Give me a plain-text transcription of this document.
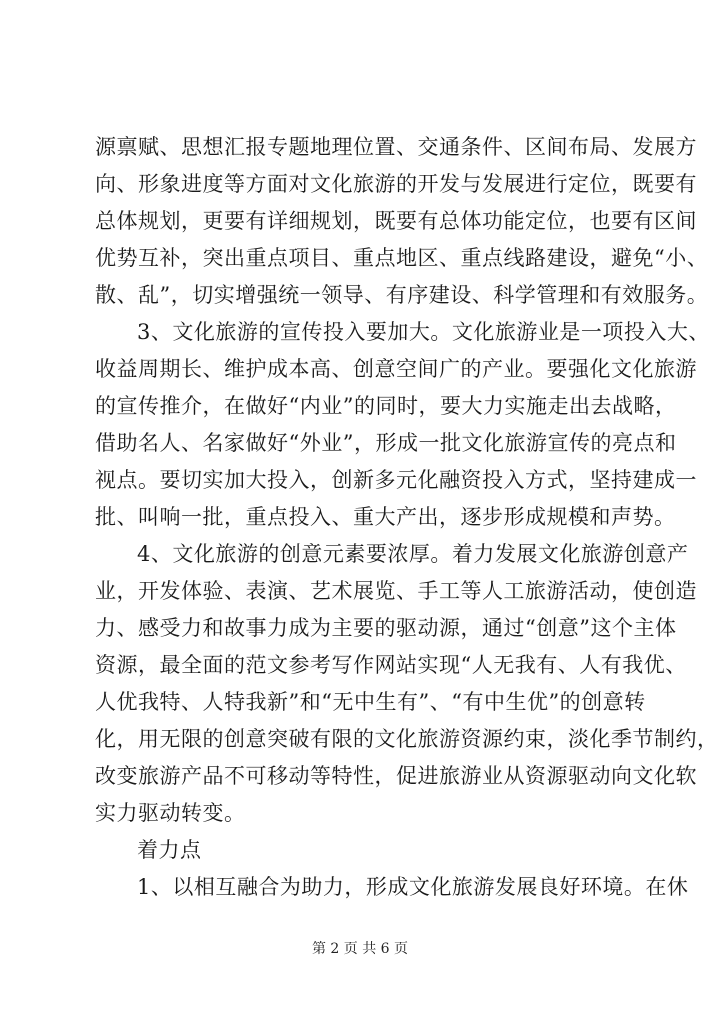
源禀赋、思想汇报专题地理位置、交通条件、区间布局、发展方
向、形象进度等方面对文化旅游的开发与发展进行定位，既要有
总体规划，更要有详细规划，既要有总体功能定位，也要有区间
优势互补，突出重点项目、重点地区、重点线路建设，避免“小、
散、乱”，切实增强统一领导、有序建设、科学管理和有效服务。
3、文化旅游的宣传投入要加大。文化旅游业是一项投入大、
收益周期长、维护成本高、创意空间广的产业。要强化文化旅游
的宣传推介，在做好“内业”的同时，要大力实施走出去战略，
借助名人、名家做好“外业”，形成一批文化旅游宣传的亮点和
视点。要切实加大投入，创新多元化融资投入方式，坚持建成一
批、叫响一批，重点投入、重大产出，逐步形成规模和声势。
4、文化旅游的创意元素要浓厚。着力发展文化旅游创意产
业，开发体验、表演、艺术展览、手工等人工旅游活动，使创造
力、感受力和故事力成为主要的驱动源，通过“创意”这个主体
资源，最全面的范文参考写作网站实现“人无我有、人有我优、
人优我特、人特我新”和“无中生有”、“有中生优”的创意转
化，用无限的创意突破有限的文化旅游资源约束，淡化季节制约，
改变旅游产品不可移动等特性，促进旅游业从资源驱动向文化软
实力驱动转变。
着力点
1、以相互融合为助力，形成文化旅游发展良好环境。在休
第 2 页 共 6 页
